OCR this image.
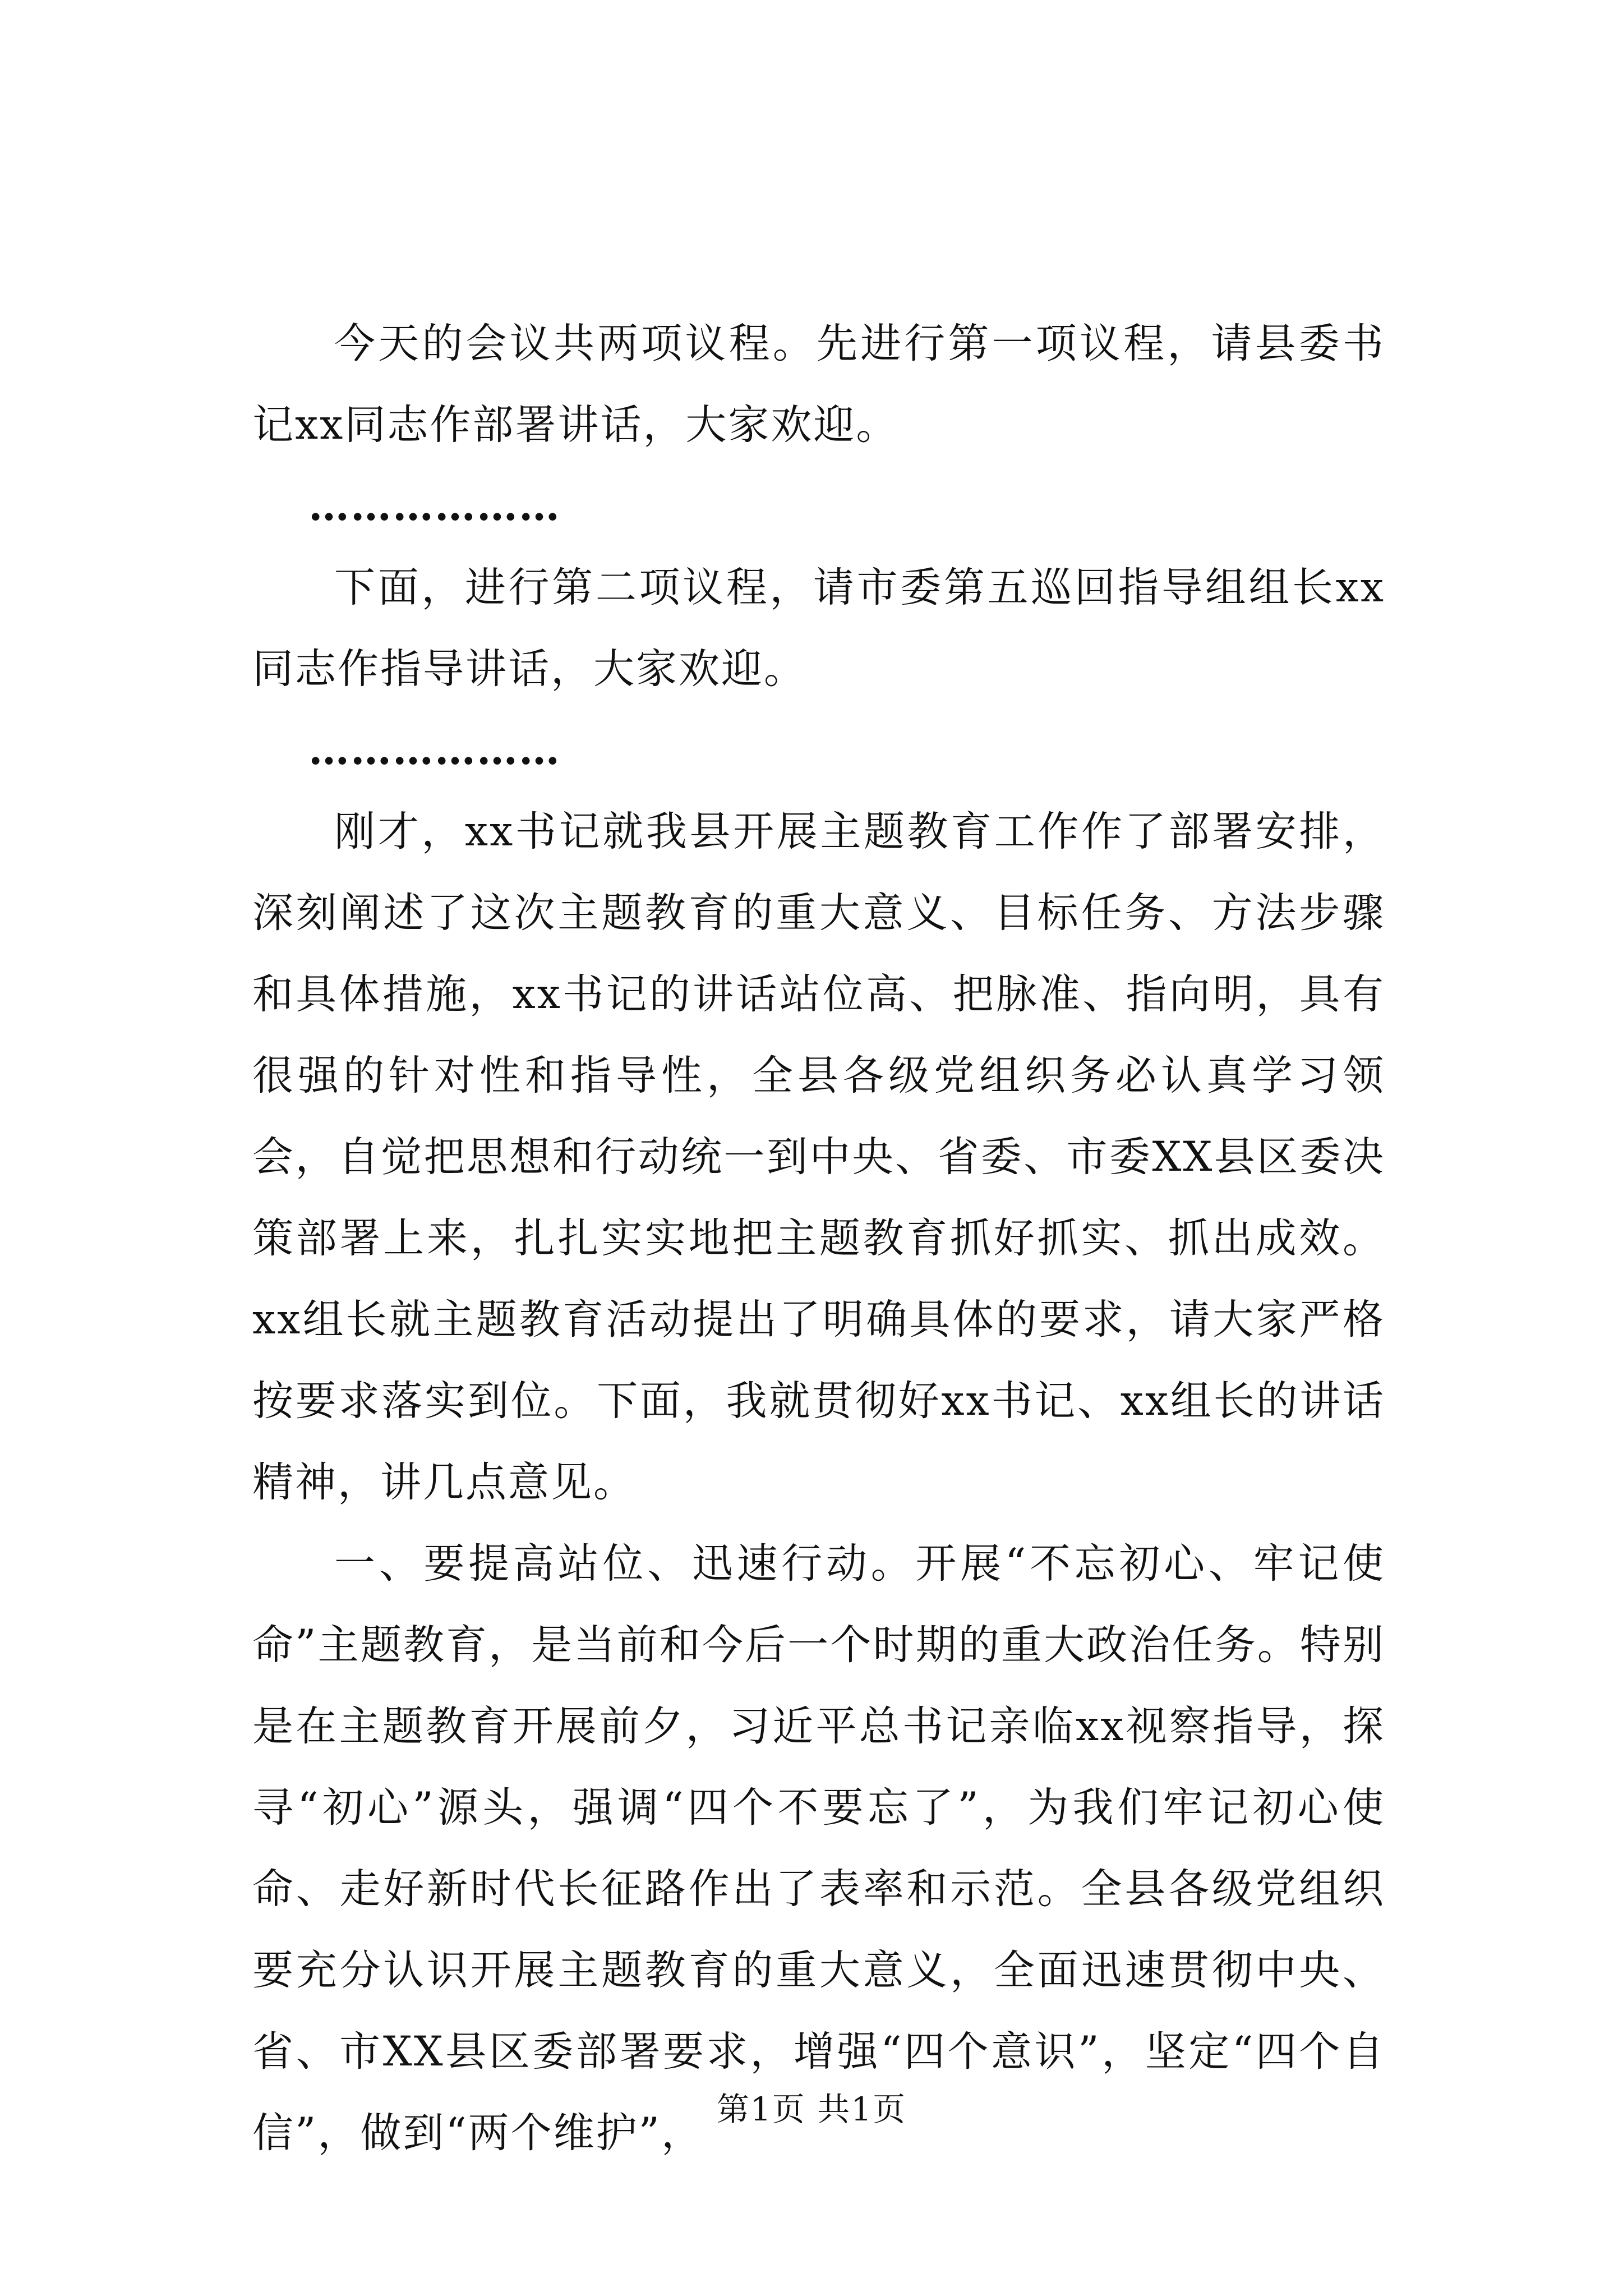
今天的会议共两项议程。先进行第一项议程，请县委书记xx同志作部署讲话，大家欢迎。

………………

下面，进行第二项议程，请市委第五巡回指导组组长xx同志作指导讲话，大家欢迎。

………………

刚才，xx书记就我县开展主题教育工作作了部署安排，深刻阐述了这次主题教育的重大意义、目标任务、方法步骤和具体措施，xx书记的讲话站位高、把脉准、指向明，具有很强的针对性和指导性，全县各级党组织务必认真学习领会，自觉把思想和行动统一到中央、省委、市委XX县区委决策部署上来，扎扎实实地把主题教育抓好抓实、抓出成效。xx组长就主题教育活动提出了明确具体的要求，请大家严格按要求落实到位。下面，我就贯彻好xx书记、xx组长的讲话精神，讲几点意见。

一、要提高站位、迅速行动。开展“不忘初心、牢记使命”主题教育，是当前和今后一个时期的重大政治任务。特别是在主题教育开展前夕，习近平总书记亲临xx视察指导，探寻“初心”源头，强调“四个不要忘了”，为我们牢记初心使命、走好新时代长征路作出了表率和示范。全县各级党组织要充分认识开展主题教育的重大意义，全面迅速贯彻中央、省、市XX县区委部署要求，增强“四个意识”，坚定“四个自信”，做到“两个维护”， 第1页 共1页
